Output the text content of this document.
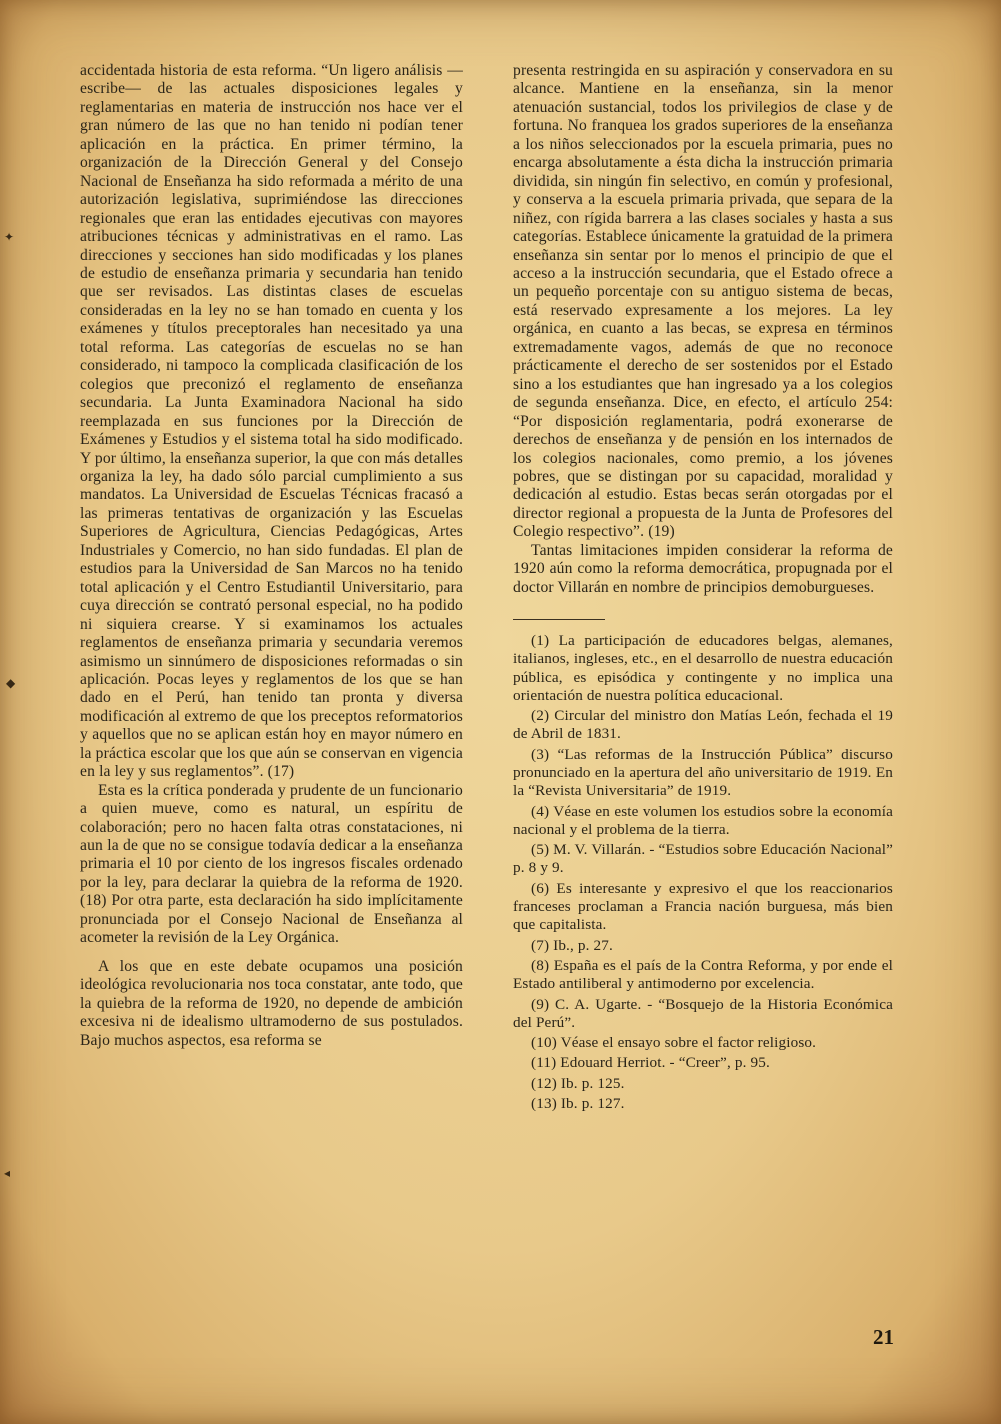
accidentada historia de esta reforma. “Un ligero análisis —escribe— de las actuales disposiciones legales y reglamentarias en materia de instrucción nos hace ver el gran número de las que no han tenido ni podían tener aplicación en la práctica. En primer término, la organización de la Dirección General y del Consejo Nacional de Enseñanza ha sido reformada a mérito de una autorización legislativa, suprimiéndose las direcciones regionales que eran las entidades ejecutivas con mayores atribuciones técnicas y administrativas en el ramo. Las direcciones y secciones han sido modificadas y los planes de estudio de enseñanza primaria y secundaria han tenido que ser revisados. Las distintas clases de escuelas consideradas en la ley no se han tomado en cuenta y los exámenes y títulos preceptorales han necesitado ya una total reforma. Las categorías de escuelas no se han considerado, ni tampoco la complicada clasificación de los colegios que preconizó el reglamento de enseñanza secundaria. La Junta Examinadora Nacional ha sido reemplazada en sus funciones por la Dirección de Exámenes y Estudios y el sistema total ha sido modificado. Y por último, la enseñanza superior, la que con más detalles organiza la ley, ha dado sólo parcial cumplimiento a sus mandatos. La Universidad de Escuelas Técnicas fracasó a las primeras tentativas de organización y las Escuelas Superiores de Agricultura, Ciencias Pedagógicas, Artes Industriales y Comercio, no han sido fundadas. El plan de estudios para la Universidad de San Marcos no ha tenido total aplicación y el Centro Estudiantil Universitario, para cuya dirección se contrató personal especial, no ha podido ni siquiera crearse. Y si examinamos los actuales reglamentos de enseñanza primaria y secundaria veremos asimismo un sinnúmero de disposiciones reformadas o sin aplicación. Pocas leyes y reglamentos de los que se han dado en el Perú, han tenido tan pronta y diversa modificación al extremo de que los preceptos reformatorios y aquellos que no se aplican están hoy en mayor número en la práctica escolar que los que aún se conservan en vigencia en la ley y sus reglamentos”. (17)

Esta es la crítica ponderada y prudente de un funcionario a quien mueve, como es natural, un espíritu de colaboración; pero no hacen falta otras constataciones, ni aun la de que no se consigue todavía dedicar a la enseñanza primaria el 10 por ciento de los ingresos fiscales ordenado por la ley, para declarar la quiebra de la reforma de 1920. (18) Por otra parte, esta declaración ha sido implícitamente pronunciada por el Consejo Nacional de Enseñanza al acometer la revisión de la Ley Orgánica.

A los que en este debate ocupamos una posición ideológica revolucionaria nos toca constatar, ante todo, que la quiebra de la reforma de 1920, no depende de ambición excesiva ni de idealismo ultramoderno de sus postulados. Bajo muchos aspectos, esa reforma se

presenta restringida en su aspiración y conservadora en su alcance. Mantiene en la enseñanza, sin la menor atenuación sustancial, todos los privilegios de clase y de fortuna. No franquea los grados superiores de la enseñanza a los niños seleccionados por la escuela primaria, pues no encarga absolutamente a ésta dicha la instrucción primaria dividida, sin ningún fin selectivo, en común y profesional, y conserva a la escuela primaria privada, que separa de la niñez, con rígida barrera a las clases sociales y hasta a sus categorías. Establece únicamente la gratuidad de la primera enseñanza sin sentar por lo menos el principio de que el acceso a la instrucción secundaria, que el Estado ofrece a un pequeño porcentaje con su antiguo sistema de becas, está reservado expresamente a los mejores. La ley orgánica, en cuanto a las becas, se expresa en términos extremadamente vagos, además de que no reconoce prácticamente el derecho de ser sostenidos por el Estado sino a los estudiantes que han ingresado ya a los colegios de segunda enseñanza. Dice, en efecto, el artículo 254: “Por disposición reglamentaria, podrá exonerarse de derechos de enseñanza y de pensión en los internados de los colegios nacionales, como premio, a los jóvenes pobres, que se distingan por su capacidad, moralidad y dedicación al estudio. Estas becas serán otorgadas por el director regional a propuesta de la Junta de Profesores del Colegio respectivo”. (19)

Tantas limitaciones impiden considerar la reforma de 1920 aún como la reforma democrática, propugnada por el doctor Villarán en nombre de principios demoburgueses.

(1) La participación de educadores belgas, alemanes, italianos, ingleses, etc., en el desarrollo de nuestra educación pública, es episódica y contingente y no implica una orientación de nuestra política educacional.

(2) Circular del ministro don Matías León, fechada el 19 de Abril de 1831.

(3) “Las reformas de la Instrucción Pública” discurso pronunciado en la apertura del año universitario de 1919. En la “Revista Universitaria” de 1919.

(4) Véase en este volumen los estudios sobre la economía nacional y el problema de la tierra.

(5) M. V. Villarán. - “Estudios sobre Educación Nacional” p. 8 y 9.

(6) Es interesante y expresivo el que los reaccionarios franceses proclaman a Francia nación burguesa, más bien que capitalista.

(7) Ib., p. 27.

(8) España es el país de la Contra Reforma, y por ende el Estado antiliberal y antimoderno por excelencia.

(9) C. A. Ugarte. - “Bosquejo de la Historia Económica del Perú”.

(10) Véase el ensayo sobre el factor religioso.

(11) Edouard Herriot. - “Creer”, p. 95.

(12) Ib. p. 125.

(13) Ib. p. 127.

21
✦
◆
◂
